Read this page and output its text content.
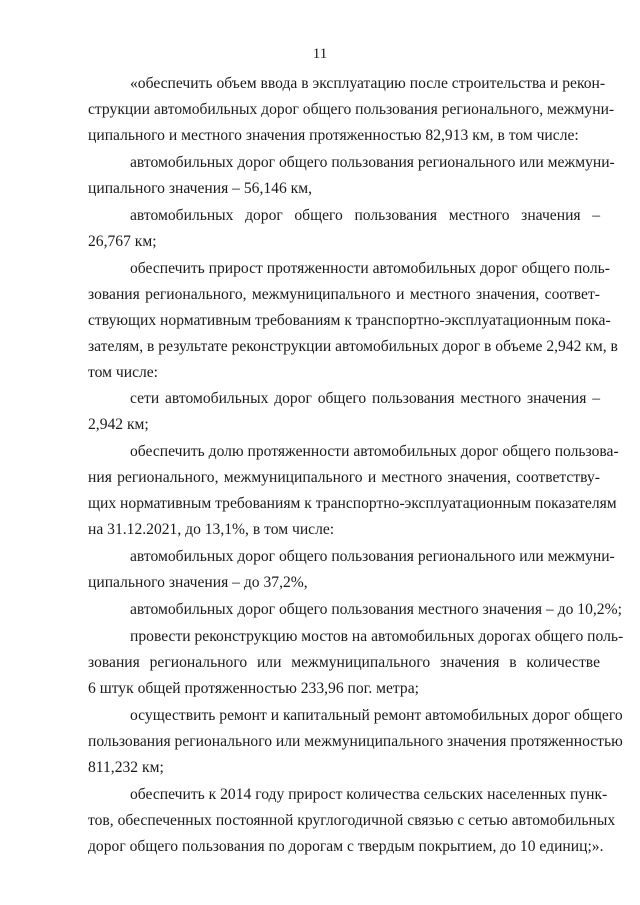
11
«обеспечить объем ввода в эксплуатацию после строительства и рекон-
струкции автомобильных дорог общего пользования регионального, межмуни-
ципального и местного значения протяженностью 82,913 км, в том числе:
автомобильных дорог общего пользования регионального или межмуни-
ципального значения – 56,146 км,
автомобильных дорог общего пользования местного значения –
26,767 км;
обеспечить прирост протяженности автомобильных дорог общего поль-
зования регионального, межмуниципального и местного значения, соответ-
ствующих нормативным требованиям к транспортно-эксплуатационным пока-
зателям, в результате реконструкции автомобильных дорог в объеме 2,942 км, в
том числе:
сети автомобильных дорог общего пользования местного значения –
2,942 км;
обеспечить долю протяженности автомобильных дорог общего пользова-
ния регионального, межмуниципального и местного значения, соответству-
щих нормативным требованиям к транспортно-эксплуатационным показателям
на 31.12.2021, до 13,1%, в том числе:
автомобильных дорог общего пользования регионального или межмуни-
ципального значения – до 37,2%,
автомобильных дорог общего пользования местного значения – до 10,2%;
провести реконструкцию мостов на автомобильных дорогах общего поль-
зования регионального или межмуниципального значения в количестве
6 штук общей протяженностью 233,96 пог. метра;
осуществить ремонт и капитальный ремонт автомобильных дорог общего
пользования регионального или межмуниципального значения протяженностью
811,232 км;
обеспечить к 2014 году прирост количества сельских населенных пунк-
тов, обеспеченных постоянной круглогодичной связью с сетью автомобильных
дорог общего пользования по дорогам с твердым покрытием, до 10 единиц;».
